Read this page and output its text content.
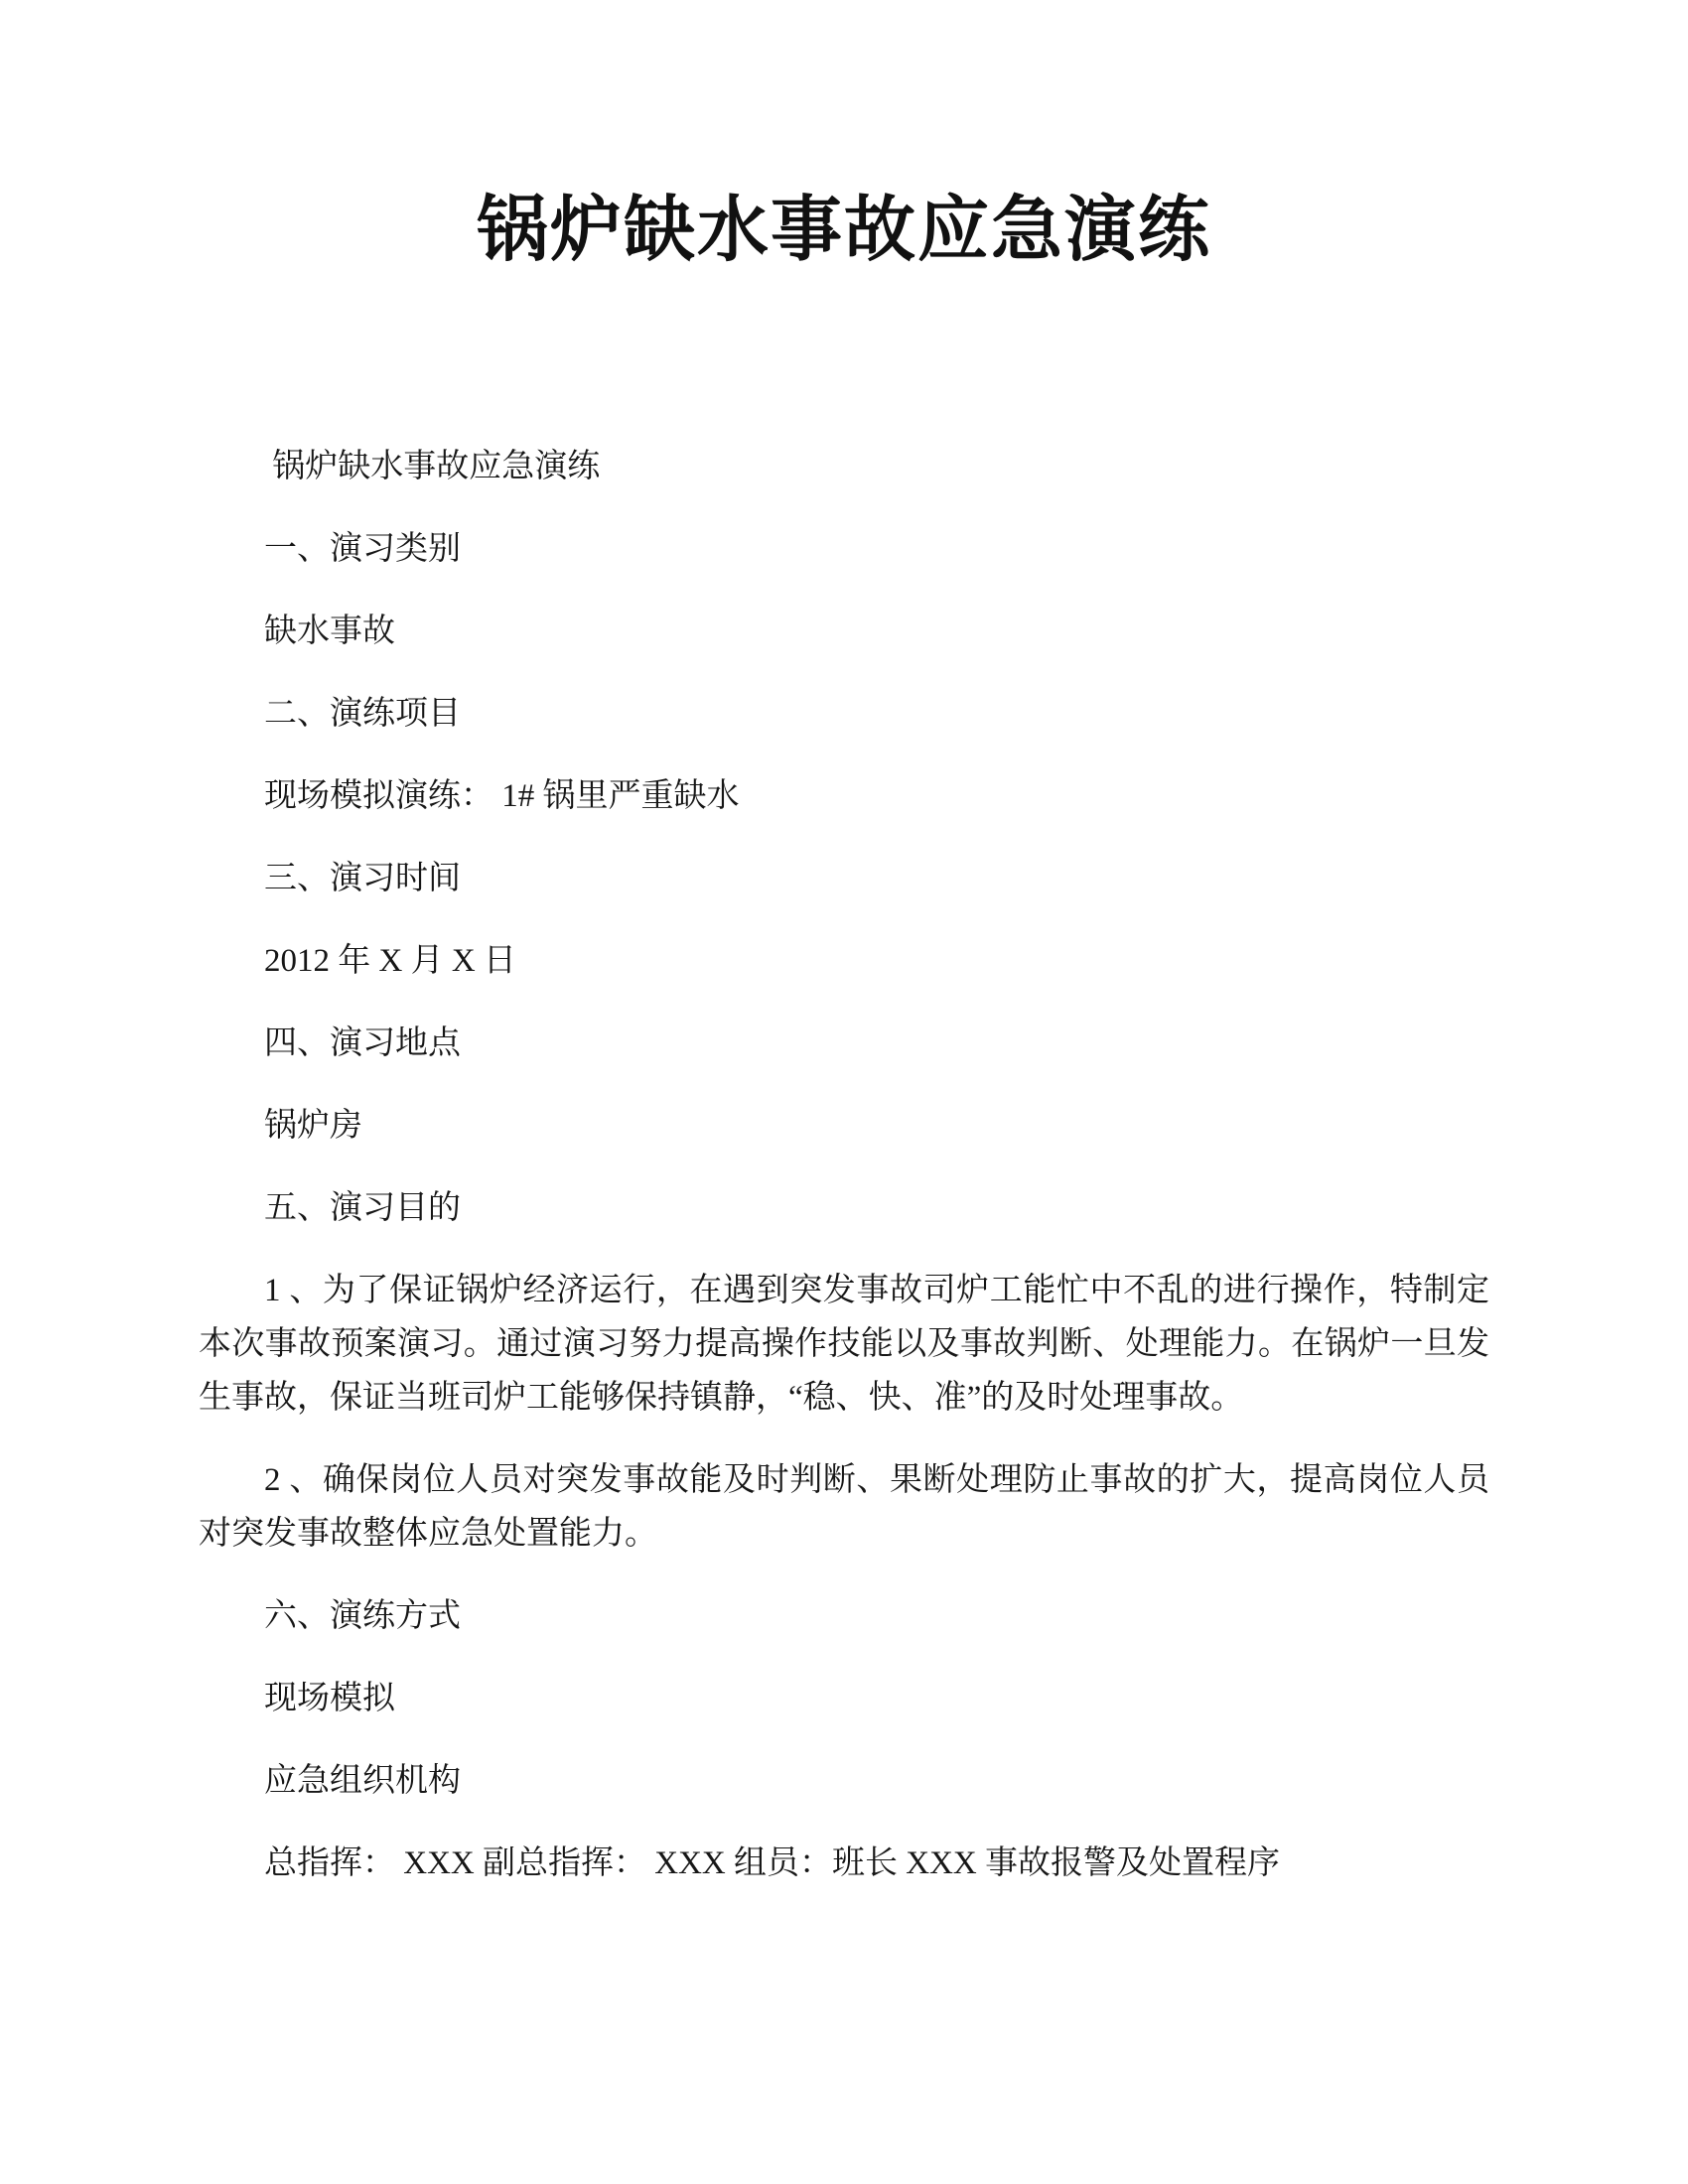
锅炉缺水事故应急演练

锅炉缺水事故应急演练

一、演习类别

缺水事故

二、演练项目

现场模拟演练： 1# 锅里严重缺水

三、演习时间

2012 年 X 月 X 日

四、演习地点

锅炉房

五、演习目的

1 、为了保证锅炉经济运行，在遇到突发事故司炉工能忙中不乱的进行操作，特制定本次事故预案演习。通过演习努力提高操作技能以及事故判断、处理能力。在锅炉一旦发生事故，保证当班司炉工能够保持镇静，“稳、快、准”的及时处理事故。

2 、确保岗位人员对突发事故能及时判断、果断处理防止事故的扩大，提高岗位人员对突发事故整体应急处置能力。

六、演练方式

现场模拟

应急组织机构

总指挥： XXX 副总指挥： XXX 组员：班长 XXX 事故报警及处置程序
